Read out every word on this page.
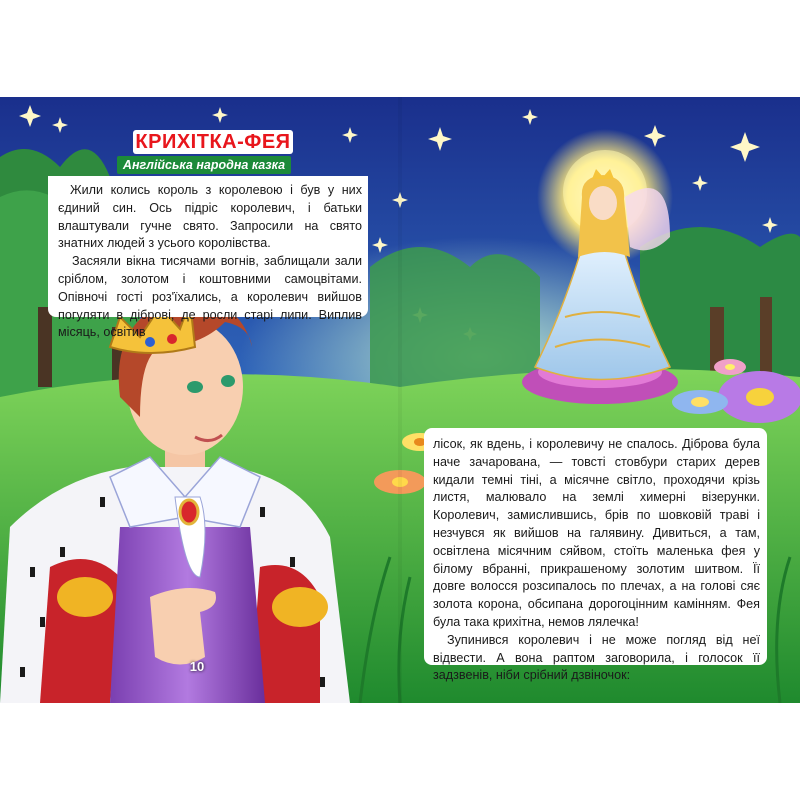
КРИХІТКА-ФЕЯ
Англійська народна казка

Жили колись король з королевою і був у них єдиний син. Ось підріс королевич, і батьки влаштували гучне свято. Запросили на свято знатних людей з усього королівства.

Засяяли вікна тисячами вогнів, заблищали зали сріблом, золотом і коштовними самоцвітами. Опівночі гості роз'їхались, а королевич вийшов погуляти в діброві, де росли старі липи. Виплив місяць, освітив

лісок, як вдень, і королевичу не спалось. Діброва була наче зачарована, — товсті стовбури старих дерев кидали темні тіні, а місячне світло, проходячи крізь листя, малювало на землі химерні візерунки. Королевич, замислившись, брів по шовковій траві і незчувся як вийшов на галявину. Дивиться, а там, освітлена місячним сяйвом, стоїть маленька фея у білому вбранні, прикрашеному золотим шитвом. Її довге волосся розсипалось по плечах, а на голові сяє золота корона, обсипана дорогоцінним камінням. Фея була така крихітна, немов лялечка!

Зупинився королевич і не може погляд від неї відвести. А вона раптом заговорила, і голосок її задзвенів, ніби срібний дзвіночок:

10
